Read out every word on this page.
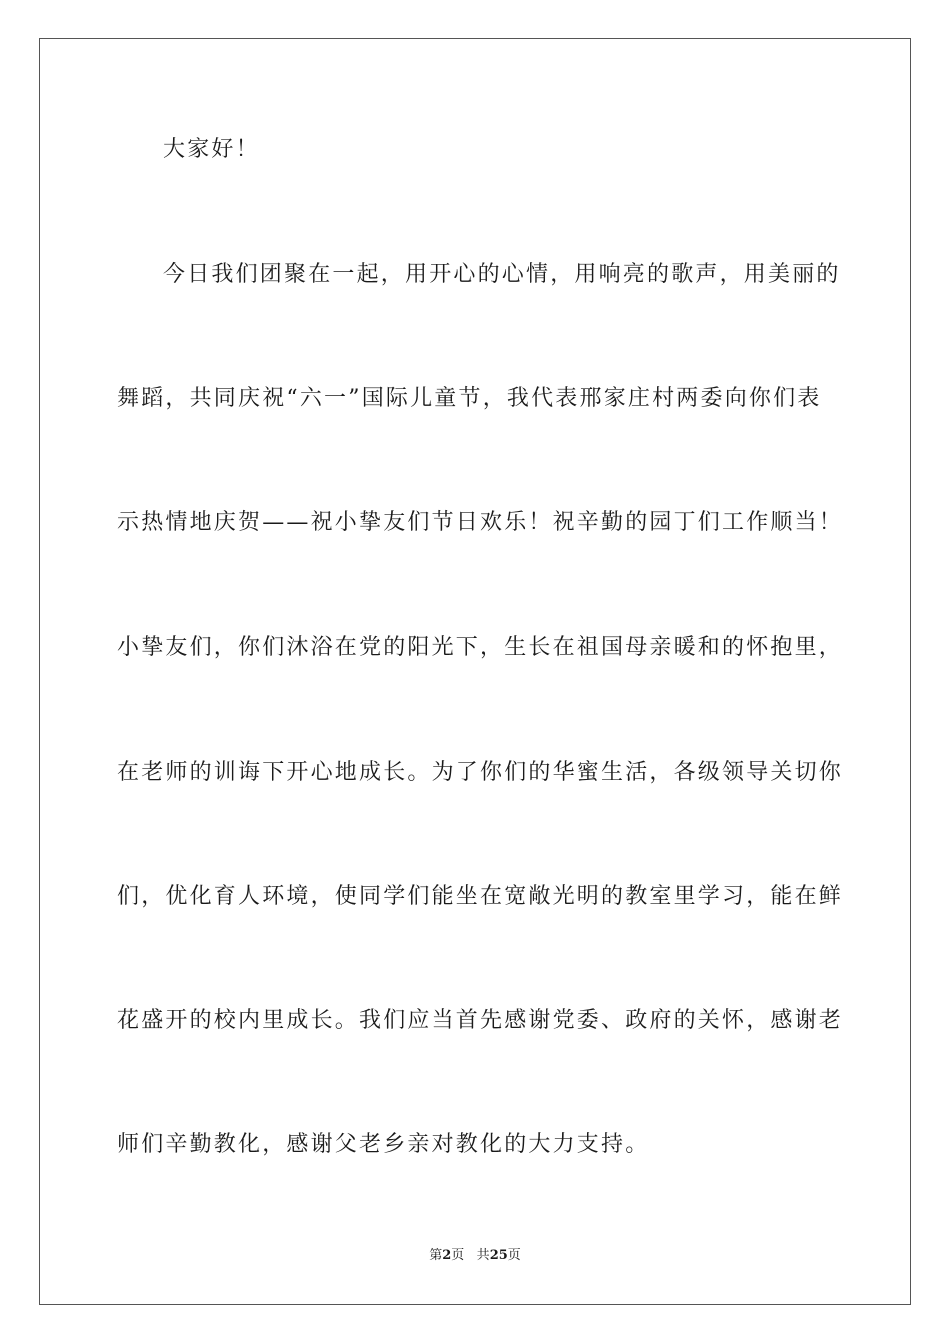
大家好！

今日我们团聚在一起，用开心的心情，用响亮的歌声，用美丽的

舞蹈，共同庆祝“六一”国际儿童节，我代表邢家庄村两委向你们表

示热情地庆贺——祝小挚友们节日欢乐！祝辛勤的园丁们工作顺当！

小挚友们，你们沐浴在党的阳光下，生长在祖国母亲暖和的怀抱里，

在老师的训诲下开心地成长。为了你们的华蜜生活，各级领导关切你

们，优化育人环境，使同学们能坐在宽敞光明的教室里学习，能在鲜

花盛开的校内里成长。我们应当首先感谢党委、政府的关怀，感谢老

师们辛勤教化，感谢父老乡亲对教化的大力支持。

第2页 共25页
